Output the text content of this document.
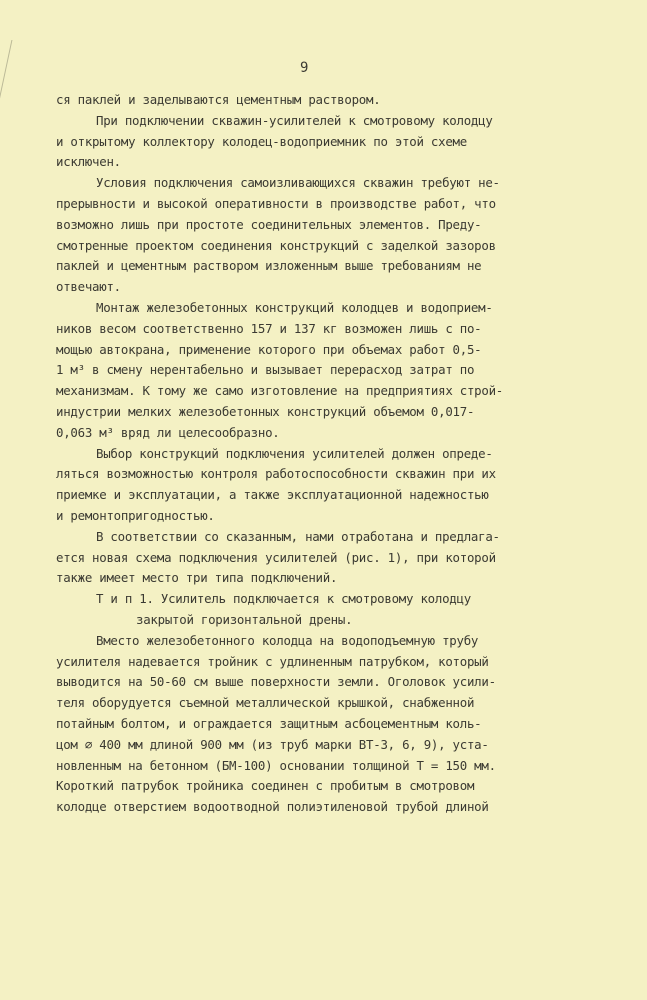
9
ся паклей и заделываются цементным раствором.
При подключении скважин-усилителей к смотровому колодцу
и открытому коллектору колодец-водоприемник по этой схеме
исключен.
Условия подключения самоизливающихся скважин требуют не-
прерывности и высокой оперативности в производстве работ, что
возможно лишь при простоте соединительных элементов. Преду-
смотренные проектом соединения конструкций с заделкой зазоров
паклей и цементным раствором изложенным выше требованиям не
отвечают.
Монтаж железобетонных конструкций колодцев и водоприем-
ников весом соответственно 157 и 137 кг возможен лишь с по-
мощью автокрана, применение которого при объемах работ 0,5-
1 м³ в смену нерентабельно и вызывает перерасход затрат по
механизмам. К тому же само изготовление на предприятиях строй-
индустрии мелких железобетонных конструкций объемом 0,017-
0,063 м³ вряд ли целесообразно.
Выбор конструкций подключения усилителей должен опреде-
ляться возможностью контроля работоспособности скважин при их
приемке и эксплуатации, а также эксплуатационной надежностью
и ремонтопригодностью.
В соответствии со сказанным, нами отработана и предлага-
ется новая схема подключения усилителей (рис. 1), при которой
также имеет место три типа подключений.
Т и п 1. Усилитель подключается к смотровому колодцу
закрытой горизонтальной дрены.
Вместо железобетонного колодца на водоподъемную трубу
усилителя надевается тройник с удлиненным патрубком, который
выводится на 50-60 см выше поверхности земли. Оголовок усили-
теля оборудуется съемной металлической крышкой, снабженной
потайным болтом, и ограждается защитным асбоцементным коль-
цом ⌀ 400 мм длиной 900 мм (из труб марки ВТ-3, 6, 9), уста-
новленным на бетонном (БМ-100) основании толщиной Т = 150 мм.
Короткий патрубок тройника соединен с пробитым в смотровом
колодце отверстием водоотводной полиэтиленовой трубой длиной
